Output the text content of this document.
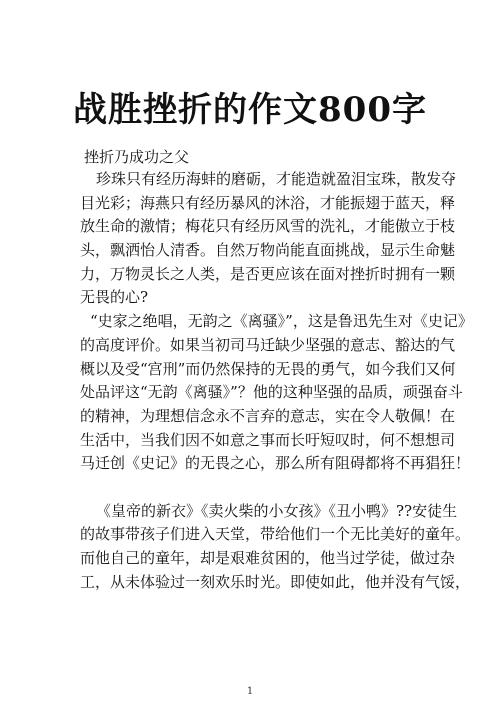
战胜挫折的作文800字
挫折乃成功之父
珍珠只有经历海蚌的磨砺，才能造就盈泪宝珠，散发夺
目光彩；海燕只有经历暴风的沐浴，才能振翅于蓝天，释
放生命的激情；梅花只有经历风雪的洗礼，才能傲立于枝
头，飘洒怡人清香。自然万物尚能直面挑战，显示生命魅
力，万物灵长之人类，是否更应该在面对挫折时拥有一颗
无畏的心?
“史家之绝唱，无韵之《离骚》”，这是鲁迅先生对《史记》
的高度评价。如果当初司马迁缺少坚强的意志、豁达的气
概以及受“宫刑”而仍然保持的无畏的勇气，如今我们又何
处品评这“无韵《离骚》”？他的这种坚强的品质，顽强奋斗
的精神，为理想信念永不言弃的意志，实在令人敬佩！在
生活中，当我们因不如意之事而长吁短叹时，何不想想司
马迁创《史记》的无畏之心，那么所有阻碍都将不再猖狂！
《皇帝的新衣》《卖火柴的小女孩》《丑小鸭》??安徒生
的故事带孩子们进入天堂，带给他们一个无比美好的童年。
而他自己的童年，却是艰难贫困的，他当过学徒，做过杂
工，从未体验过一刻欢乐时光。即使如此，他并没有气馁，
1
